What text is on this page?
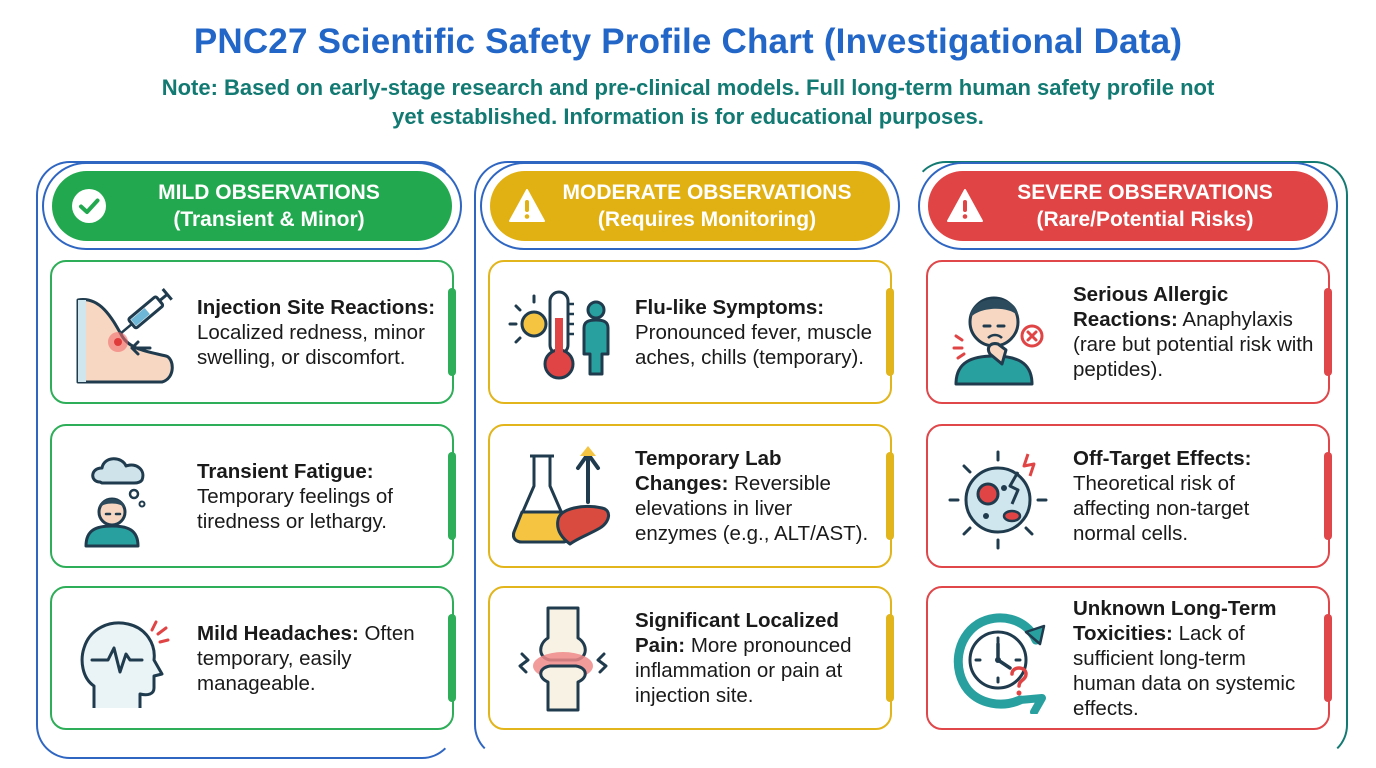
PNC27 Scientific Safety Profile Chart (Investigational Data)

Note: Based on early-stage research and pre-clinical models. Full long-term human safety profile not yet established. Information is for educational purposes.

MILD OBSERVATIONS
(Transient & Minor)
MODERATE OBSERVATIONS
(Requires Monitoring)
SEVERE OBSERVATIONS
(Rare/Potential Risks)
Injection Site Reactions: Localized redness, minor swelling, or discomfort.
Transient Fatigue: Temporary feelings of tiredness or lethargy.
Mild Headaches: Often temporary, easily manageable.
Flu-like Symptoms: Pronounced fever, muscle aches, chills (temporary).
Temporary Lab Changes: Reversible elevations in liver enzymes (e.g., ALT/AST).
Significant Localized Pain: More pronounced inflammation or pain at injection site.
Serious Allergic Reactions: Anaphylaxis (rare but potential risk with peptides).
Off-Target Effects: Theoretical risk of affecting non-target normal cells.
Unknown Long-Term Toxicities: Lack of sufficient long-term human data on systemic effects.
